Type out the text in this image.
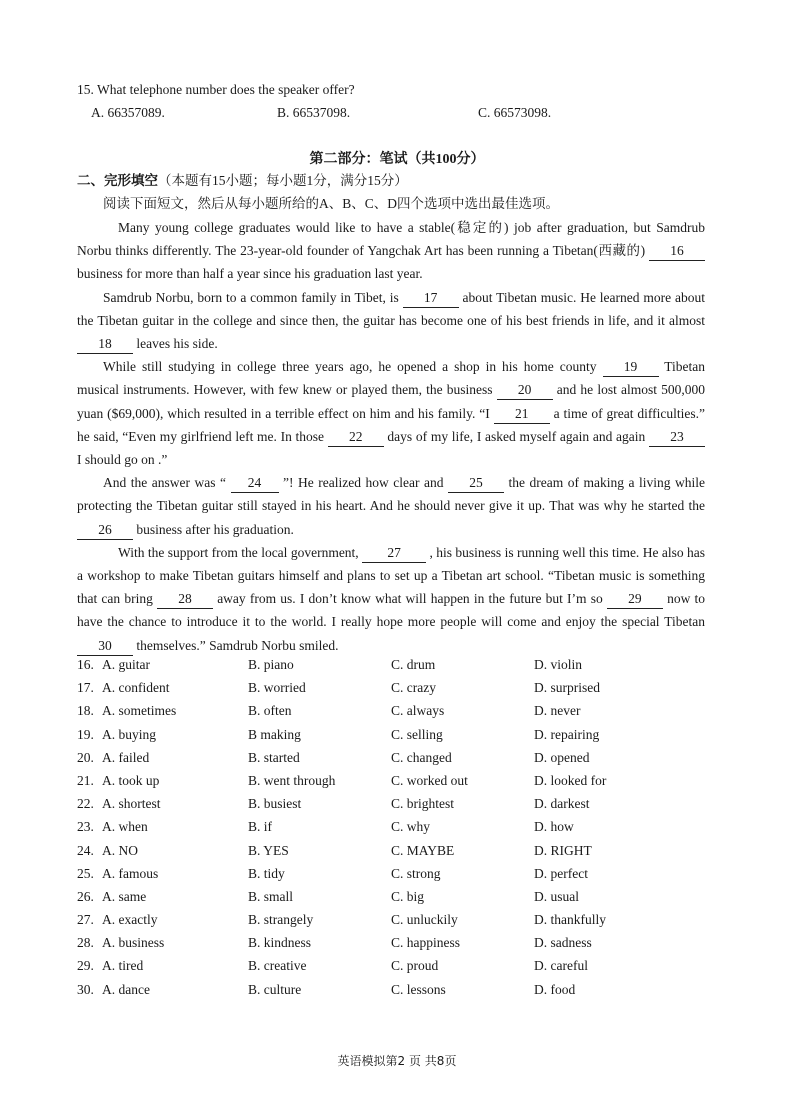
15. What telephone number does the speaker offer?
A. 66357089.	B. 66537098.	C. 66573098.
第二部分：笔试（共100分）
二、完形填空（本题有15小题；每小题1分，满分15分）
阅读下面短文，然后从每小题所给的A、B、C、D四个选项中选出最佳选项。

Many young college graduates would like to have a stable(稳定的) job after graduation, but Samdrub Norbu thinks differently. The 23-year-old founder of Yangchak Art has been running a Tibetan(西藏的) 16 business for more than half a year since his graduation last year.

Samdrub Norbu, born to a common family in Tibet, is 17 about Tibetan music. He learned more about the Tibetan guitar in the college and since then, the guitar has become one of his best friends in life, and it almost 18 leaves his side.

While still studying in college three years ago, he opened a shop in his home county 19 Tibetan musical instruments. However, with few knew or played them, the business 20 and he lost almost 500,000 yuan ($69,000), which resulted in a terrible effect on him and his family. “I 21 a time of great difficulties.” he said, “Even my girlfriend left me. In those 22 days of my life, I asked myself again and again 23 I should go on .”

And the answer was “ 24 ”! He realized how clear and 25 the dream of making a living while protecting the Tibetan guitar still stayed in his heart. And he should never give it up. That was why he started the 26 business after his graduation.

With the support from the local government, 27 , his business is running well this time. He also has a workshop to make Tibetan guitars himself and plans to set up a Tibetan art school. “Tibetan music is something that can bring 28 away from us. I don’t know what will happen in the future but I’m so 29 now to have the chance to introduce it to the world. I really hope more people will come and enjoy the special Tibetan 30 themselves.” Samdrub Norbu smiled.

16. A. guitar	B. piano	C. drum	D. violin
17. A. confident	B. worried	C. crazy	D. surprised
18. A. sometimes	B. often	C. always	D. never
19. A. buying	B making	C. selling	D. repairing
20. A. failed	B. started	C. changed	D. opened
21. A. took up	B. went through	C. worked out	D. looked for
22. A. shortest	B. busiest	C. brightest	D. darkest
23. A. when	B. if	C. why	D. how
24. A. NO	B. YES	C. MAYBE	D. RIGHT
25. A. famous	B. tidy	C. strong	D. perfect
26. A. same	B. small	C. big	D. usual
27. A. exactly	B. strangely	C. unluckily	D. thankfully
28. A. business	B. kindness	C. happiness	D. sadness
29. A. tired	B. creative	C. proud	D. careful
30. A. dance	B. culture	C. lessons	D. food
英语模拟第2 页 共8页
